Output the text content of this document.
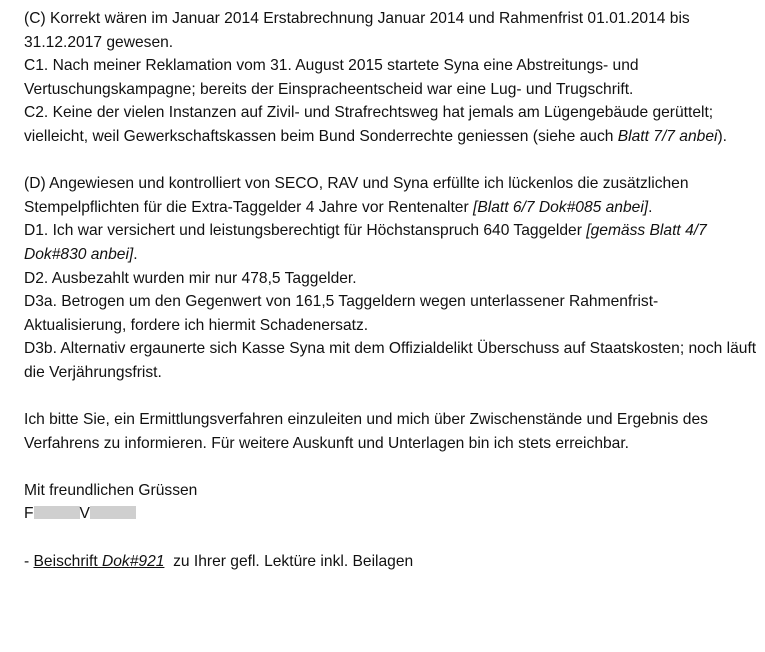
(C) Korrekt wären im Januar 2014 Erstabrechnung Januar 2014 und Rahmenfrist 01.01.2014 bis 31.12.2017 gewesen.

C1. Nach meiner Reklamation vom 31. August 2015 startete Syna eine Abstreitungs- und Vertuschungskampagne; bereits der Einspracheentscheid war eine Lug- und Trugschrift.

C2. Keine der vielen Instanzen auf Zivil- und Strafrechtsweg hat jemals am Lügengebäude gerüttelt; vielleicht, weil Gewerkschaftskassen beim Bund Sonderrechte geniessen (siehe auch Blatt 7/7 anbei).

(D) Angewiesen und kontrolliert von SECO, RAV und Syna erfüllte ich lückenlos die zusätzlichen Stempelpflichten für die Extra-Taggelder 4 Jahre vor Rentenalter [Blatt 6/7 Dok#085 anbei].

D1. Ich war versichert und leistungsberechtigt für Höchstanspruch 640 Taggelder [gemäss Blatt 4/7 Dok#830 anbei].

D2. Ausbezahlt wurden mir nur 478,5 Taggelder.

D3a. Betrogen um den Gegenwert von 161,5 Taggeldern wegen unterlassener Rahmenfrist-Aktualisierung, fordere ich hiermit Schadenersatz.

D3b. Alternativ ergaunerte sich Kasse Syna mit dem Offizialdelikt Überschuss auf Staatskosten; noch läuft die Verjährungsfrist.

Ich bitte Sie, ein Ermittlungsverfahren einzuleiten und mich über Zwischenstände und Ergebnis des Verfahrens zu informieren. Für weitere Auskunft und Unterlagen bin ich stets erreichbar.

Mit freundlichen Grüssen

F	V

- Beischrift Dok#921  zu Ihrer gefl. Lektüre inkl. Beilagen
